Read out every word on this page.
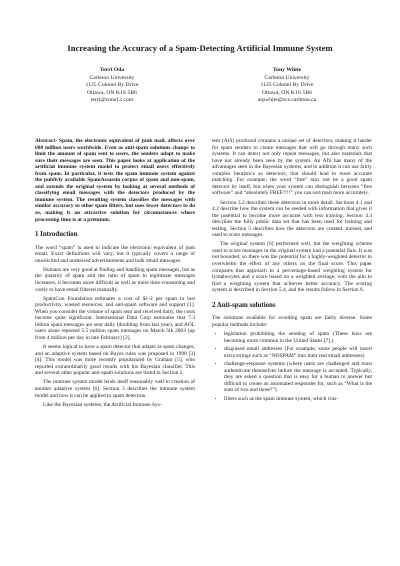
Increasing the Accuracy of a Spam-Detecting Artificial Immune System
Terri Oda
Carleton University
1125 Colonel By Drive
Ottawa, ON K1S 5B6
terri@zone12.com
Tony White
Carleton University
1125 Colonel By Drive
Ottawa, ON K1S 5B6
arpwhite@scs.carleton.ca

Abstract- Spam, the electronic equivalent of junk mail, affects over 600 million users worldwide. Even as anti-spam solutions change to limit the amount of spam sent to users, the senders adapt to make sure their messages are seen. This paper looks at application of the artificial immune system model to protect email users effectively from spam. In particular, it tests the spam immune system against the publicly available SpamAssassin corpus of spam and non-spam, and extends the original system by looking at several methods of classifying email messages with the detectors produced by the immune system. The resulting system classifies the messages with similar accuracy to other spam filters, but uses fewer detectors to do so, making it an attractive solution for circumstances where processing time is at a premium.

1 Introduction

The word “spam” is used to indicate the electronic equivalent of junk email. Exact definitions will vary, but it typically covers a range of unsolicited and undesired advertisements and bulk email messages.

Humans are very good at finding and handling spam messages, but as the quantity of spam and the ratio of spam to legitimate messages increases, it becomes more difficult as well as more time-consuming and costly to have email filtered manually.

SpamCon Foundation estimates a cost of $1-2 per spam in lost productivity, wasted resources, and anti-spam software and support [1]. When you consider the volume of spam sent and received daily, the costs become quite significant. International Data Corp estimates that 7.3 billion spam messages are sent daily (doubling from last year), and AOL users alone reported 5.5 million spam messages on March 5th 2003 (up from 4 million per day in late February) [2].

It seems logical to have a spam detector that adapts as spam changes, and an adaptive system based on Bayes rules was proposed in 1998 [3][4]. This model was more recently popularized by Graham [5], who reported extraordinarily good results with his Bayesian classifier. This and several other popular anti-spam solutions are listed in Section 2.

The immune system model lends itself reasonably well to creation of another adaptive system [6]. Section 3 describes the immune system model and how it can be applied to spam detection.

Like the Bayesian systems, the Artificial Immune Sys-

tem (AIS) produced contains a unique set of detectors, making it harder for spam senders to create messages that will go through many such systems. It can detect not only repeat messages, but also materials that have not already been seen by the system. An AIS has many of the advantages seen in the Bayesian systems, and in addition it can use fairly complex heuristics as detectors, that should lead to more accurate matching. For example, the word “free” may not be a good spam detector by itself, but when your system can distinguish between “free software” and “absolutely FREE!!!!” you can sort mail more accurately.

Section 3.2 describes these detectors in more detail. Sections 4.1 and 4.2 describe how the system can be seeded with information that gives it the potential to become more accurate with less training. Section 4.3 describes the fully public data set that has been used for training and testing. Section 5 describes how the detectors are created, trained, and used to score messages.

The original system [6] performed well, but the weighting scheme used to score messages in the original system had a potential flaw. It was not bounded, so there was the potential for a highly-weighted detector to overwhelm the effect of any others on the final score. This paper compares that approach to a percentage-based weighting system for lymphocytes and a score based on a weighted average, with the aim to find a weighting system that achieves better accuracy. The scoring system is described in Section 5.4, and the results follow in Section 6.

2 Anti-spam solutions

The solutions available for avoiding spam are fairly diverse. Some popular methods include:

• legislation prohibiting the sending of spam (These laws are becoming more common in the United States [7].)
• disguised email addresses (For example, some people will insert extra strings such as “NOSPAM” into their real email addresses)
• challenge-response systems (where users are challenged and must authenticate themselves before the message is accepted. Typically, they are asked a question that is easy for a human to answer but difficult to create an automated responder for, such as “What is the sum of two and three?”)
• filters such as the spam immune system, which clas-
